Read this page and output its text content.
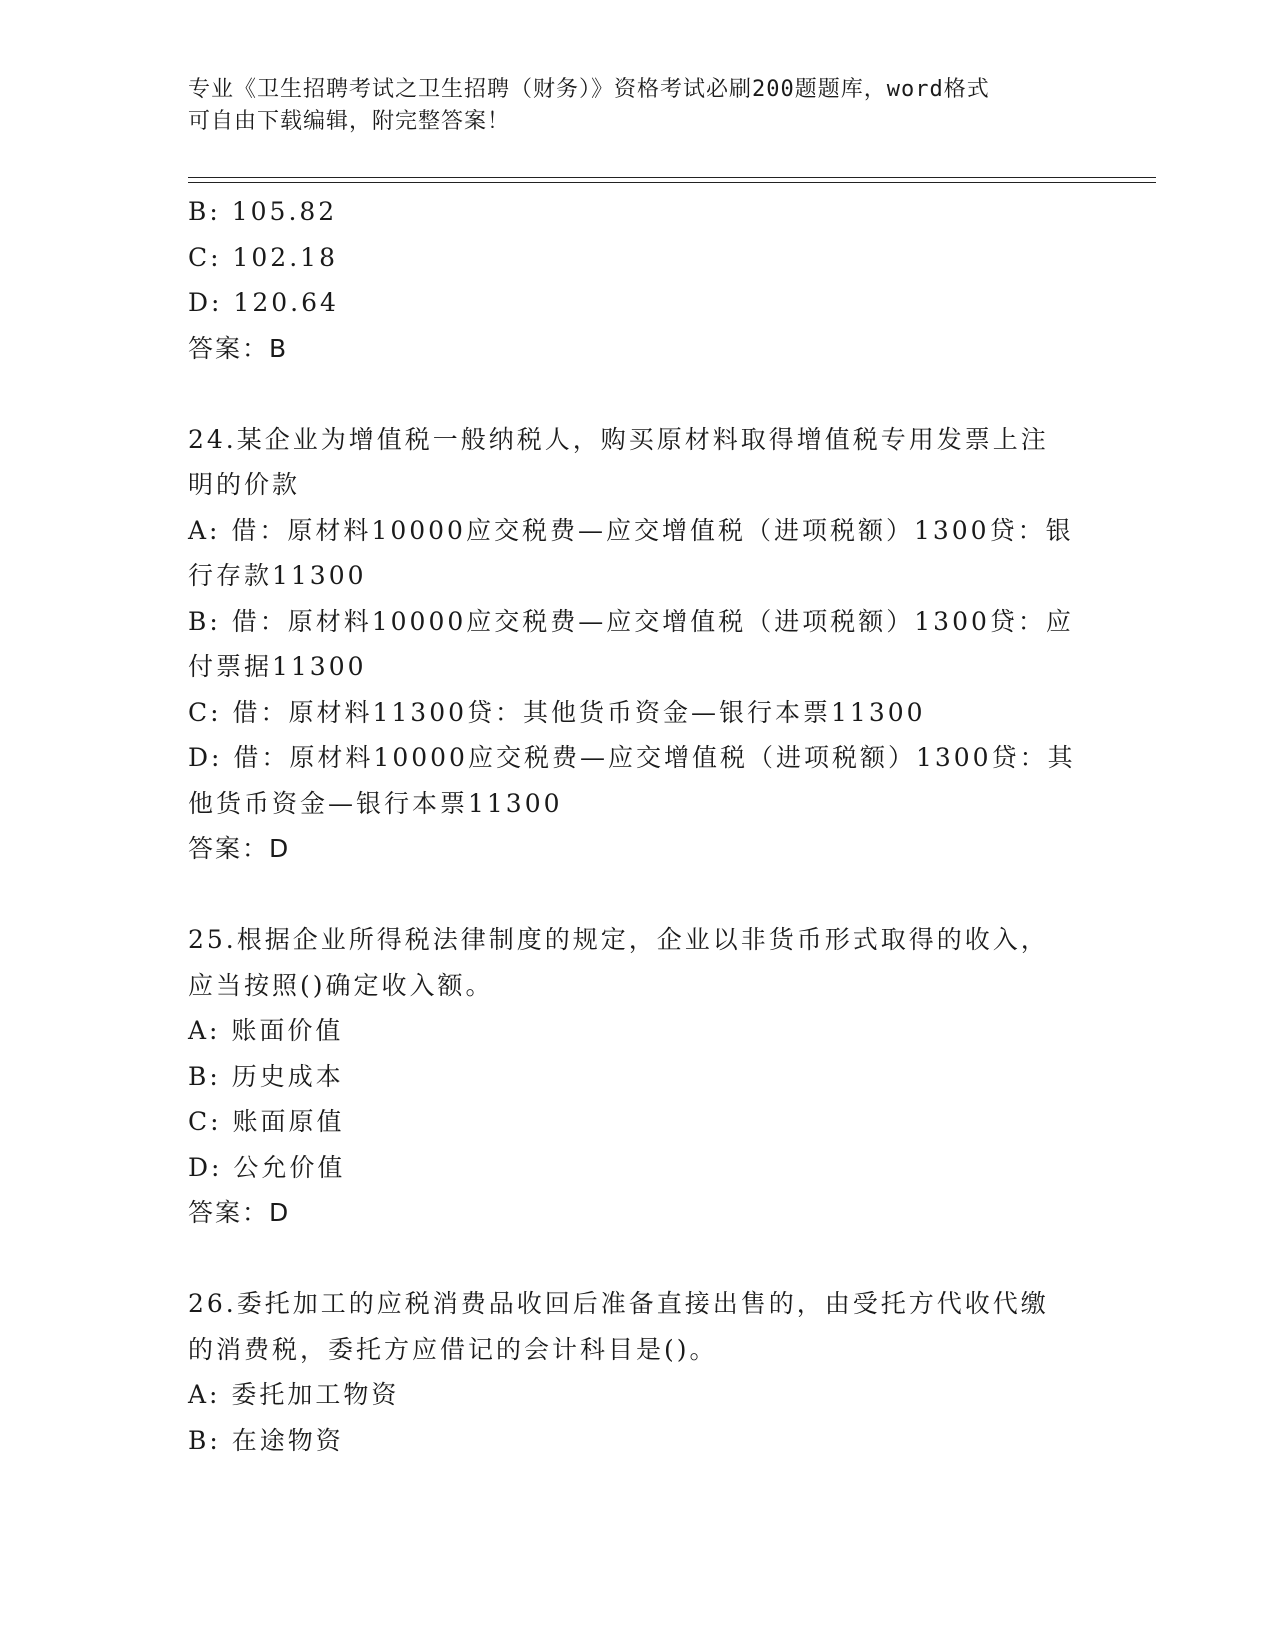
专业《卫生招聘考试之卫生招聘（财务）》资格考试必刷200题题库，word格式
可自由下载编辑，附完整答案！
B: 105.82
C: 102.18
D: 120.64
答案：B
24.某企业为增值税一般纳税人，购买原材料取得增值税专用发票上注
明的价款
A: 借：原材料10000应交税费—应交增值税（进项税额）1300贷：银
行存款11300
B: 借：原材料10000应交税费—应交增值税（进项税额）1300贷：应
付票据11300
C: 借：原材料11300贷：其他货币资金—银行本票11300
D: 借：原材料10000应交税费—应交增值税（进项税额）1300贷：其
他货币资金—银行本票11300
答案：D
25.根据企业所得税法律制度的规定，企业以非货币形式取得的收入，
应当按照()确定收入额。
A: 账面价值
B: 历史成本
C: 账面原值
D: 公允价值
答案：D
26.委托加工的应税消费品收回后准备直接出售的，由受托方代收代缴
的消费税，委托方应借记的会计科目是()。
A: 委托加工物资
B: 在途物资
